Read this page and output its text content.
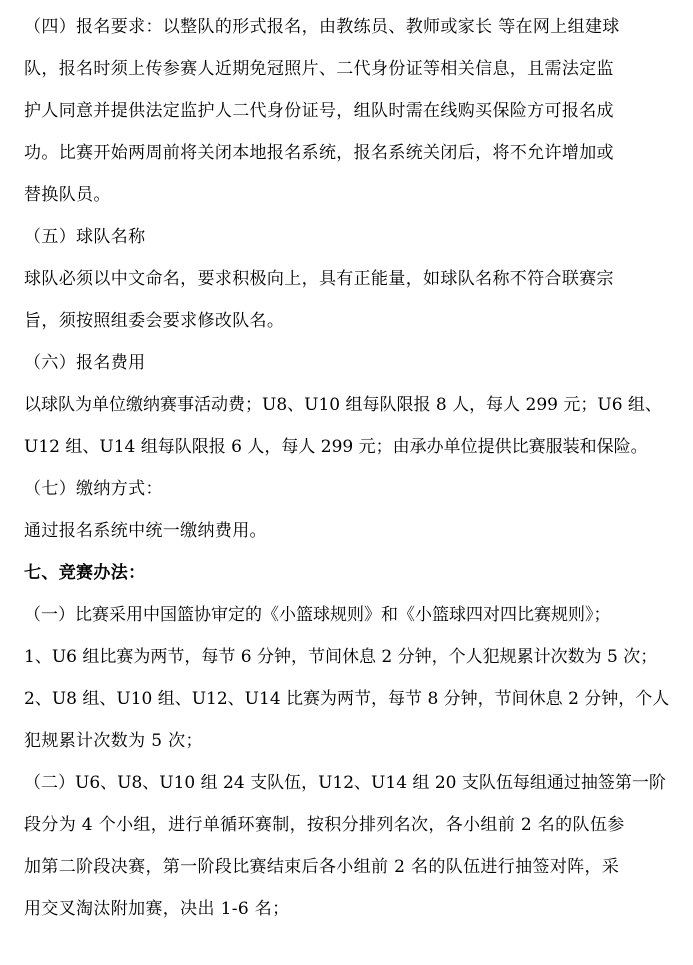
（四）报名要求：以整队的形式报名，由教练员、教师或家长 等在网上组建球
队，报名时须上传参赛人近期免冠照片、二代身份证等相关信息，且需法定监
护人同意并提供法定监护人二代身份证号，组队时需在线购买保险方可报名成
功。比赛开始两周前将关闭本地报名系统，报名系统关闭后，将不允许增加或
替换队员。
（五）球队名称
球队必须以中文命名，要求积极向上，具有正能量，如球队名称不符合联赛宗
旨，须按照组委会要求修改队名。
（六）报名费用
以球队为单位缴纳赛事活动费；U8、U10 组每队限报 8 人，每人 299 元；U6 组、
U12 组、U14 组每队限报 6 人，每人 299 元；由承办单位提供比赛服装和保险。
（七）缴纳方式：
通过报名系统中统一缴纳费用。
七、竞赛办法：
（一）比赛采用中国篮协审定的《小篮球规则》和《小篮球四对四比赛规则》；
1、U6 组比赛为两节，每节 6 分钟，节间休息 2 分钟，个人犯规累计次数为 5 次；
2、U8 组、U10 组、U12、U14 比赛为两节，每节 8 分钟，节间休息 2 分钟，个人
犯规累计次数为 5 次；
（二）U6、U8、U10 组 24 支队伍，U12、U14 组 20 支队伍每组通过抽签第一阶
段分为 4 个小组，进行单循环赛制，按积分排列名次，各小组前 2 名的队伍参
加第二阶段决赛，第一阶段比赛结束后各小组前 2 名的队伍进行抽签对阵，采
用交叉淘汰附加赛，决出 1-6 名；
